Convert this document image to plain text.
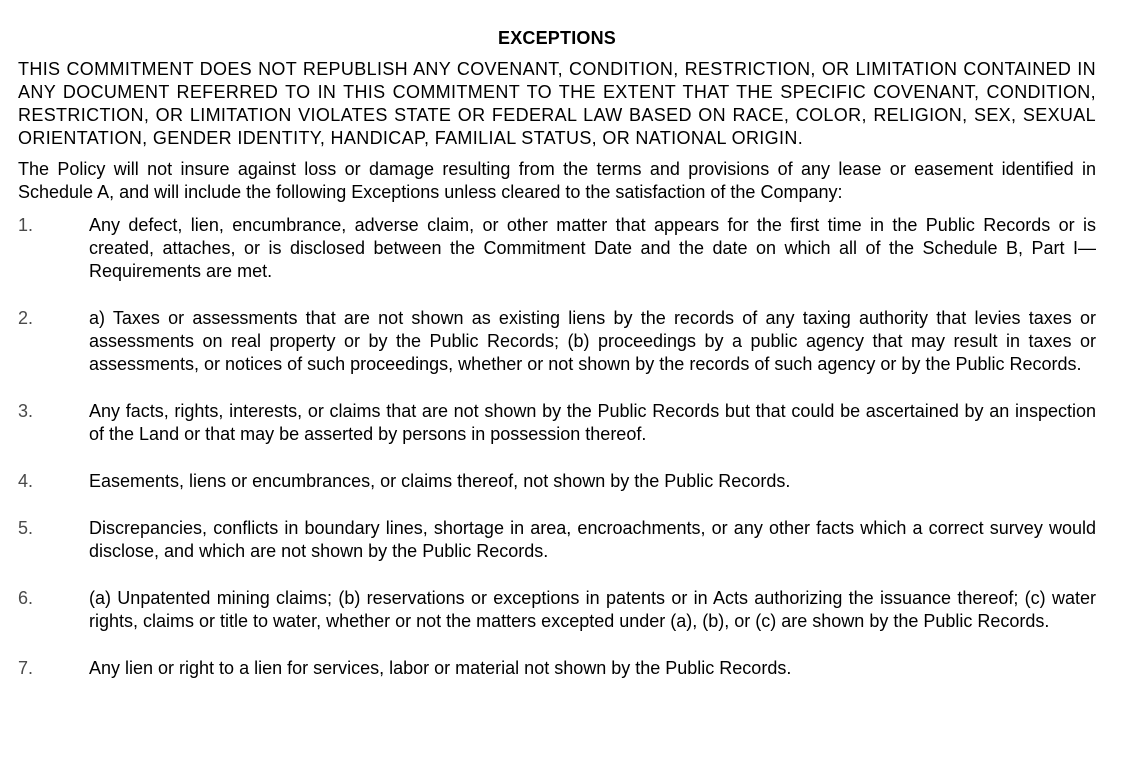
EXCEPTIONS

THIS COMMITMENT DOES NOT REPUBLISH ANY COVENANT, CONDITION, RESTRICTION, OR LIMITATION CONTAINED IN ANY DOCUMENT REFERRED TO IN THIS COMMITMENT TO THE EXTENT THAT THE SPECIFIC COVENANT, CONDITION, RESTRICTION, OR LIMITATION VIOLATES STATE OR FEDERAL LAW BASED ON RACE, COLOR, RELIGION, SEX, SEXUAL ORIENTATION, GENDER IDENTITY, HANDICAP, FAMILIAL STATUS, OR NATIONAL ORIGIN.

The Policy will not insure against loss or damage resulting from the terms and provisions of any lease or easement identified in Schedule A, and will include the following Exceptions unless cleared to the satisfaction of the Company:

1.	Any defect, lien, encumbrance, adverse claim, or other matter that appears for the first time in the Public Records or is created, attaches, or is disclosed between the Commitment Date and the date on which all of the Schedule B, Part I—Requirements are met.
2.	a) Taxes or assessments that are not shown as existing liens by the records of any taxing authority that levies taxes or assessments on real property or by the Public Records; (b) proceedings by a public agency that may result in taxes or assessments, or notices of such proceedings, whether or not shown by the records of such agency or by the Public Records.
3.	Any facts, rights, interests, or claims that are not shown by the Public Records but that could be ascertained by an inspection of the Land or that may be asserted by persons in possession thereof.
4.	Easements, liens or encumbrances, or claims thereof, not shown by the Public Records.
5.	Discrepancies, conflicts in boundary lines, shortage in area, encroachments, or any other facts which a correct survey would disclose, and which are not shown by the Public Records.
6.	(a) Unpatented mining claims; (b) reservations or exceptions in patents or in Acts authorizing the issuance thereof; (c) water rights, claims or title to water, whether or not the matters excepted under (a), (b), or (c) are shown by the Public Records.
7.	Any lien or right to a lien for services, labor or material not shown by the Public Records.
